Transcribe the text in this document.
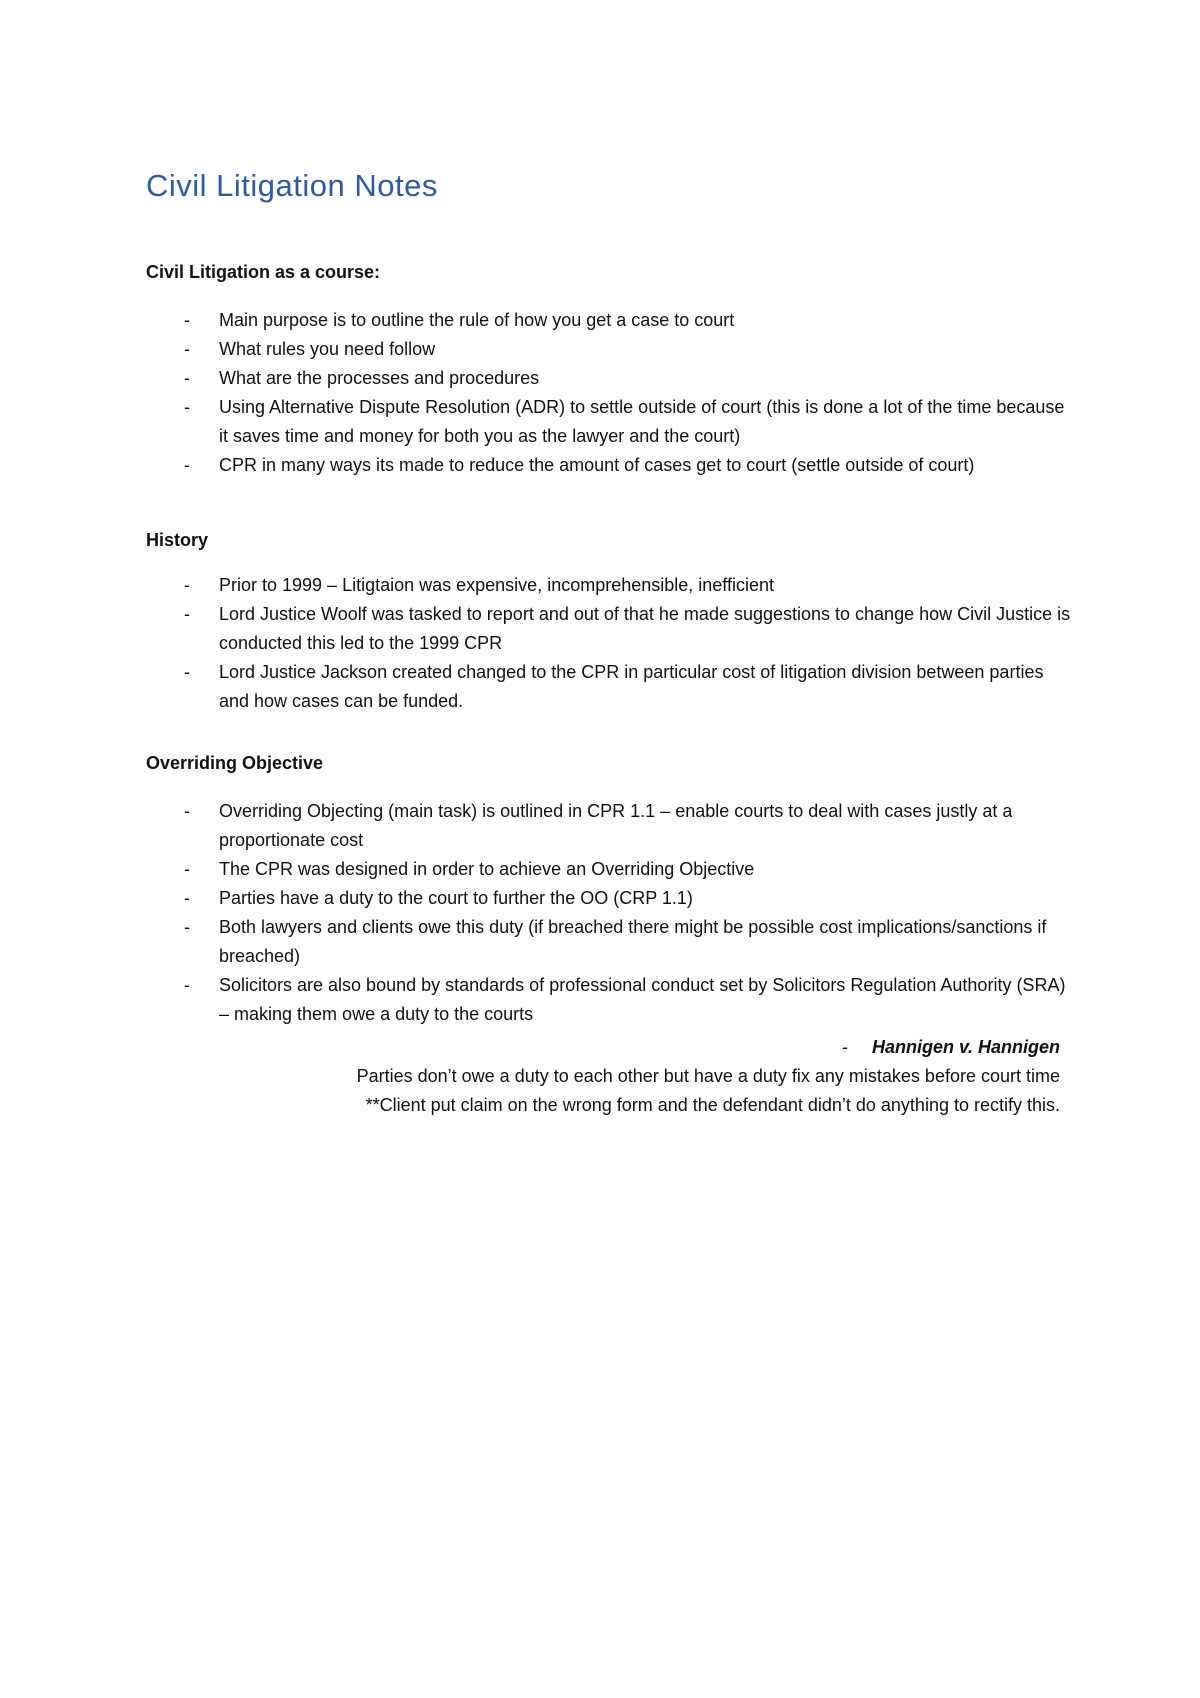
Civil Litigation Notes
Civil Litigation as a course:
- Main purpose is to outline the rule of how you get a case to court
- What rules you need follow
- What are the processes and procedures
- Using Alternative Dispute Resolution (ADR) to settle outside of court (this is done a lot of the time because it saves time and money for both you as the lawyer and the court)
- CPR in many ways its made to reduce the amount of cases get to court (settle outside of court)
History
- Prior to 1999 – Litigtaion was expensive, incomprehensible, inefficient
- Lord Justice Woolf was tasked to report and out of that he made suggestions to change how Civil Justice is conducted this led to the 1999 CPR
- Lord Justice Jackson created changed to the CPR in particular cost of litigation division between parties and how cases can be funded.
Overriding Objective
- Overriding Objecting (main task) is outlined in CPR 1.1 – enable courts to deal with cases justly at a proportionate cost
- The CPR was designed in order to achieve an Overriding Objective
- Parties have a duty to the court to further the OO (CRP 1.1)
- Both lawyers and clients owe this duty (if breached there might be possible cost implications/sanctions if breached)
- Solicitors are also bound by standards of professional conduct set by Solicitors Regulation Authority (SRA) – making them owe a duty to the courts
- Hannigen v. Hannigen
Parties don’t owe a duty to each other but have a duty fix any mistakes before court time
**Client put claim on the wrong form and the defendant didn’t do anything to rectify this.
